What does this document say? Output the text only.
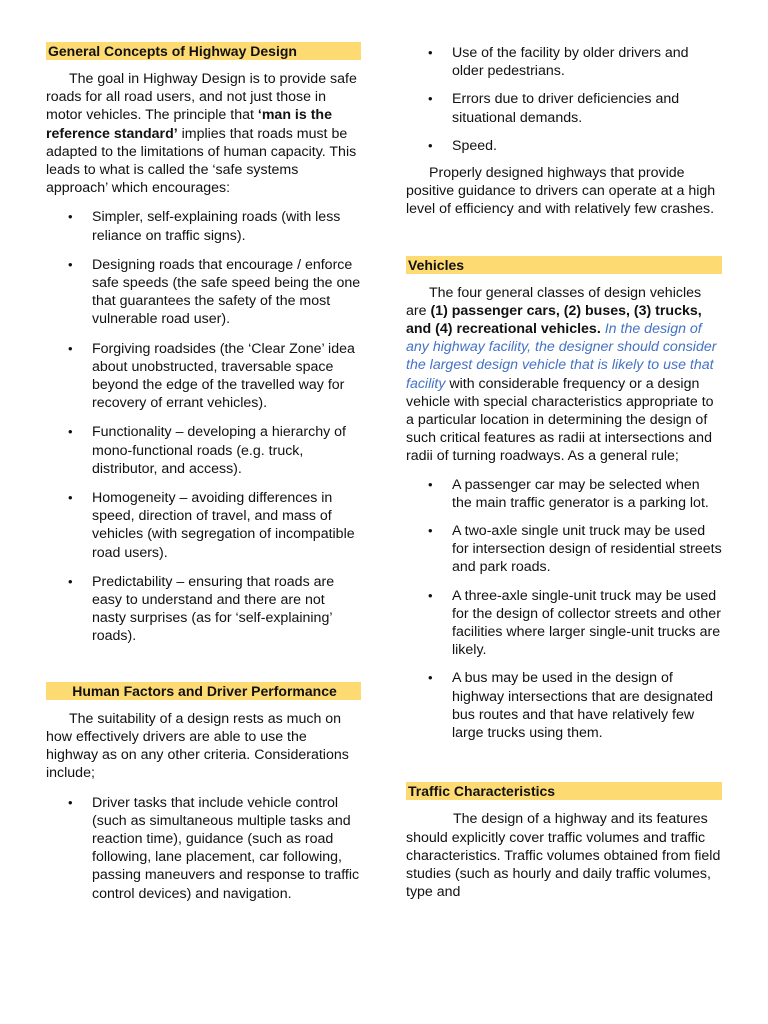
General Concepts of Highway Design

The goal in Highway Design is to provide safe roads for all road users, and not just those in motor vehicles. The principle that ‘man is the reference standard’ implies that roads must be adapted to the limitations of human capacity. This leads to what is called the ‘safe systems approach’ which encourages:

• Simpler, self-explaining roads (with less reliance on traffic signs).
• Designing roads that encourage / enforce safe speeds (the safe speed being the one that guarantees the safety of the most vulnerable road user).
• Forgiving roadsides (the ‘Clear Zone’ idea about unobstructed, traversable space beyond the edge of the travelled way for recovery of errant vehicles).
• Functionality – developing a hierarchy of mono-functional roads (e.g. truck, distributor, and access).
• Homogeneity – avoiding differences in speed, direction of travel, and mass of vehicles (with segregation of incompatible road users).
• Predictability – ensuring that roads are easy to understand and there are not nasty surprises (as for ‘self-explaining’ roads).
Human Factors and Driver Performance

The suitability of a design rests as much on how effectively drivers are able to use the highway as on any other criteria. Considerations include;

• Driver tasks that include vehicle control (such as simultaneous multiple tasks and reaction time), guidance (such as road following, lane placement, car following, passing maneuvers and response to traffic control devices) and navigation.
• Use of the facility by older drivers and older pedestrians.
• Errors due to driver deficiencies and situational demands.
• Speed.

Properly designed highways that provide positive guidance to drivers can operate at a high level of efficiency and with relatively few crashes.

Vehicles

The four general classes of design vehicles are (1) passenger cars, (2) buses, (3) trucks, and (4) recreational vehicles. In the design of any highway facility, the designer should consider the largest design vehicle that is likely to use that facility with considerable frequency or a design vehicle with special characteristics appropriate to a particular location in determining the design of such critical features as radii at intersections and radii of turning roadways. As a general rule;

• A passenger car may be selected when the main traffic generator is a parking lot.
• A two-axle single unit truck may be used for intersection design of residential streets and park roads.
• A three-axle single-unit truck may be used for the design of collector streets and other facilities where larger single-unit trucks are likely.
• A bus may be used in the design of highway intersections that are designated bus routes and that have relatively few large trucks using them.
Traffic Characteristics

The design of a highway and its features should explicitly cover traffic volumes and traffic characteristics. Traffic volumes obtained from field studies (such as hourly and daily traffic volumes, type and
